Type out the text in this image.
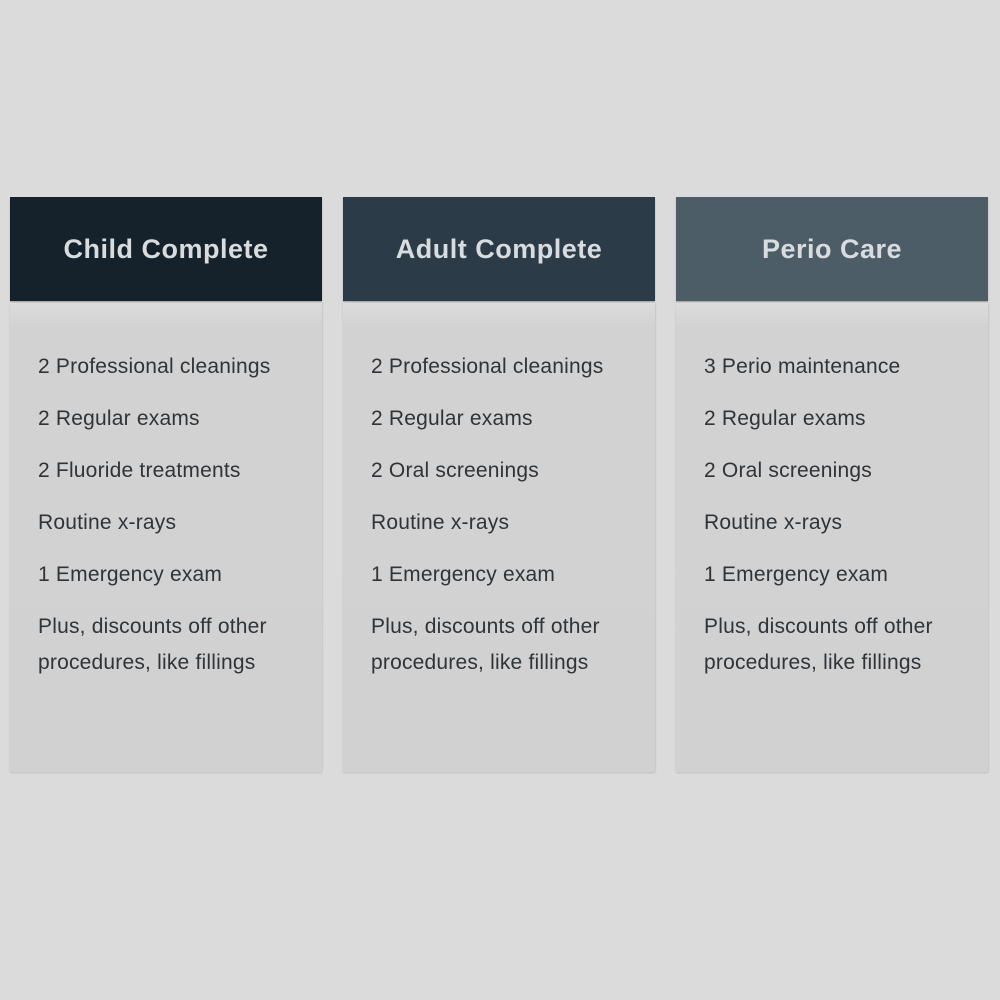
Child Complete
2 Professional cleanings
2 Regular exams
2 Fluoride treatments
Routine x-rays
1 Emergency exam
Plus, discounts off other procedures, like fillings
Adult Complete
2 Professional cleanings
2 Regular exams
2 Oral screenings
Routine x-rays
1 Emergency exam
Plus, discounts off other procedures, like fillings
Perio Care
3 Perio maintenance
2 Regular exams
2 Oral screenings
Routine x-rays
1 Emergency exam
Plus, discounts off other procedures, like fillings
